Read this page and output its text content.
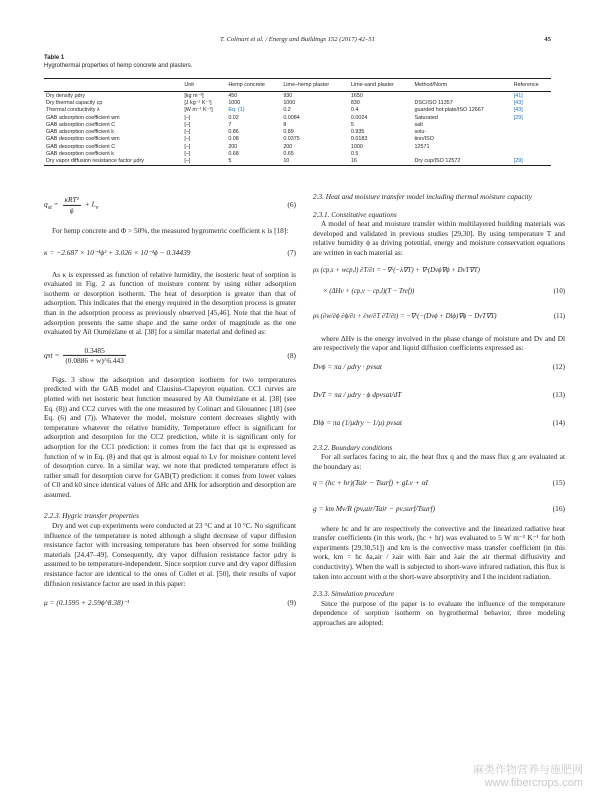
T. Colinart et al. / Energy and Buildings 152 (2017) 42–51	45
Table 1
Hygrothermal properties of hemp concrete and plasters.
	Unit	Hemp concrete	Lime–hemp plaster	Lime-sand plaster	Method/Norm	Reference
Dry density ρdry	[kg m⁻³]	450	930	1650		[41]
Dry thermal capacity cp	[J kg⁻¹ K⁻¹]	1000	1000	830	DSC/ISO 11357	[43]
Thermal conductivity λ	[W m⁻¹ K⁻¹]	Eq. (1)	0.2	0.4	guarded hot plate/ISO 12667	[43]
GAB adsorption coefficient wm	[–]	0.02	0.0084	0.0024	Saturated	[29]
GAB adsorption coefficient C	[–]	7	8	5	salt	
GAB adsorption coefficient k	[–]	0.86	0.89	0.935	solu-	
GAB desorption coefficient wm	[–]	0.08	0.0375	0.0183	tion/ISO	
GAB desorption coefficient C	[–]	200	200	1000	12571	
GAB desorption coefficient k	[–]	0.68	0.65	0.5		
Dry vapor diffusion resistance factor μdry	[–]	5	10	16	Dry cup/ISO 12572	[29]
$q_{st} = \frac{\text{κRT²}}{\phi} + L_v$	(6)

For hemp concrete and Φ > 50%, the measured hygrometric coefficient κ is [18]:

κ = −2.687 × 10⁻⁴ϕ² + 3.026 × 10⁻²ϕ − 0.34439	(7)

As κ is expressed as function of relative humidity, the isosteric heat of sorption is evaluated in Fig. 2 as function of moisture content by using either adsorption isotherm or desorption isotherm. The heat of desorption is greater than that of adsorption. This indicates that the energy required in the desorption process is greater than in the adsorption process as previously observed [45,46]. Note that the heat of adsorption presents the same shape and the same order of magnitude as the one evaluated by Aït Oumézïane et al. [38] for a similar material and defined as:

qst = $\frac{0.3485}{(0.0886 + w)\^{}6.443}$	(8)

Figs. 3 show the adsorption and desorption isotherm for two temperatures predicted with the GAB model and Clausius-Clapeyron equation. CC1 curves are plotted with net isosteric heat function measured by Aït Oumézïane et al. [38] (see Eq. (8)) and CC2 curves with the one measured by Colinart and Glouannec [18] (see Eq. (6) and (7)). Whatever the model, moisture content decreases slightly with temperature whatever the relative humidity. Temperature effect is significant for adsorption and desorption for the CC2 prediction, while it is significant only for adsorption for the CC1 prediction: it comes from the fact that qst is expressed as function of w in Eq. (8) and that qst is almost equal to Lv for moisture content level of desorption curve. In a similar way, we note that predicted temperature effect is rather small for desorption curve for GAB(T) prediction: it comes from lower values of C0 and k0 since identical values of ΔHc and ΔHk for adsorption and desorption are assumed.

2.2.3. Hygric transfer properties

Dry and wet cup experiments were conducted at 23 °C and at 10 °C. No significant influence of the temperature is noted although a slight decrease of vapor diffusion resistance factor with increasing temperature has been observed for some building materials [24,47–49]. Consequently, dry vapor diffusion resistance factor μdry is assumed to be temperature-independent. Since sorption curve and dry vapor diffusion resistance factor are identical to the ones of Collet et al. [50], their results of vapor diffusion resistance factor are used in this paper:

μ = (0.1595 + 2.59ϕ^8.38)⁻¹	(9)

2.3. Heat and moisture transfer model including thermal moisture capacity

2.3.1. Constitutive equations

A model of heat and moisture transfer within multilayered building materials was developed and validated in previous studies [29,30]. By using temperature T and relative humidity ϕ as driving potential, energy and moisture conservation equations are written in each material as:

ρs (cp,s + wcp,l) ∂T/∂t = −∇·(−λ∇T) + ∇·(Dvϕ∇ϕ + DvT∇T)
× (ΔHv + (cp,v − cp,l)(T − Tref))	(10)
ρs (∂w/∂ϕ ∂ϕ/∂t + ∂w/∂T ∂T/∂t) = −∇·(−(Dvϕ + Dlϕ)∇ϕ − DvT∇T)	(11)

where ΔHv is the energy involved in the phase change of moisture and Dv and Dl are respectively the vapor and liquid diffusion coefficients expressed as:

Dvϕ = πa / μdry · pvsat	(12)
DvT = πa / μdry · ϕ dpvsat/dT	(13)
Dlϕ = πa (1/μdry − 1/μ) pvsat	(14)

2.3.2. Boundary conditions

For all surfaces facing to air, the heat flux q and the mass flux g are evaluated at the boundary as:

q = (hc + hr)(Tair − Tsurf) + gLv + αI	(15)
g = km Mv/R (pv,air/Tair − pv,surf/Tsurf)	(16)

where hc and hr are respectively the convective and the linearized radiative heat transfer coefficients (in this work, (hc + hr) was evaluated to 5 W m⁻² K⁻¹ for both experiments [29,30,51]) and km is the convective mass transfer coefficient (in this work, km = hc δa,air / λair with δair and λair the air thermal diffusivity and conductivity). When the wall is subjected to short-wave infrared radiation, this flux is taken into account with α the short-wave absorptivity and I the incident radiation.

2.3.3. Simulation procedure

Since the purpose of the paper is to evaluate the influence of the temperature dependence of sorption isotherm on hygrothermal behavior, three modeling approaches are adopted:

麻类作物营养与施肥网
www.fibercrops.com
